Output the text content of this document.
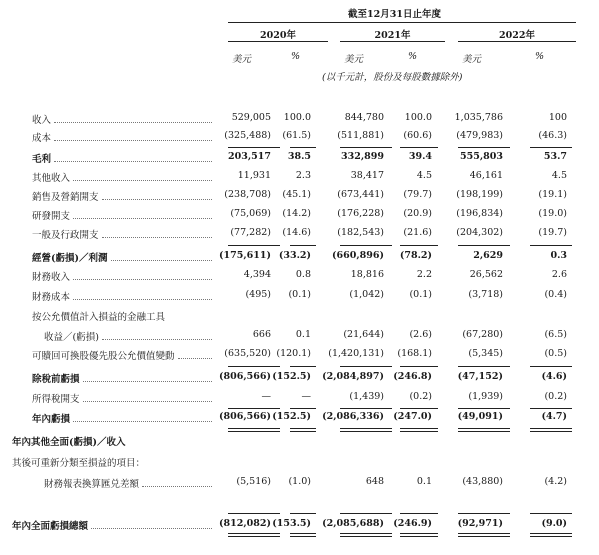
截至12月31日止年度
2020年	2021年	2022年
美元	%	美元	%	美元	%
(以千元計，股份及每股數據除外)
收入	529,005	100.0	844,780	100.0	1,035,786	100
成本	(325,488)	(61.5)	(511,881)	(60.6)	(479,983)	(46.3)
毛利	203,517	38.5	332,899	39.4	555,803	53.7
其他收入	11,931	2.3	38,417	4.5	46,161	4.5
銷售及營銷開支	(238,708)	(45.1)	(673,441)	(79.7)	(198,199)	(19.1)
研發開支	(75,069)	(14.2)	(176,228)	(20.9)	(196,834)	(19.0)
一般及行政開支	(77,282)	(14.6)	(182,543)	(21.6)	(204,302)	(19.7)
經營(虧損)／利潤	(175,611) (33.2)	(660,896)	(78.2)	2,629	0.3
財務收入	4,394	0.8	18,816	2.2	26,562	2.6
財務成本	(495)	(0.1)	(1,042)	(0.1)	(3,718)	(0.4)
按公允價值計入損益的金融工具
收益／(虧損)	666	0.1	(21,644)	(2.6)	(67,280)	(6.5)
可贖回可換股優先股公允價值變動	(635,520) (120.1)	(1,420,131)	(168.1)	(5,345)	(0.5)
除稅前虧損	(806,566) (152.5)	(2,084,897) (246.8)	(47,152)	(4.6)
所得稅開支	—	—	(1,439)	(0.2)	(1,939)	(0.2)
年內虧損	(806,566) (152.5)	(2,086,336) (247.0)	(49,091)	(4.7)
年內其他全面(虧損)／收入
其後可重新分類至損益的項目：
財務報表換算匯兑差額	(5,516)	(1.0)	648	0.1	(43,880)	(4.2)
年內全面虧損總額	(812,082) (153.5)	(2,085,688) (246.9)	(92,971)	(9.0)
